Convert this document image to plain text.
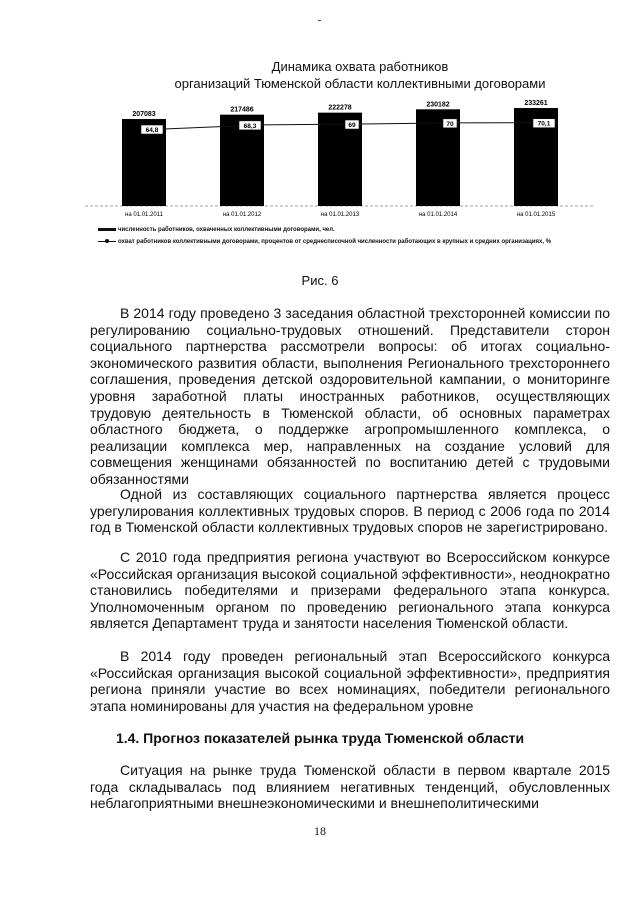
Динамика охвата работников
организаций Тюменской области коллективными договорами
207083
на 01.01.2011
217486
на 01.01.2012
222278
на 01.01.2013
230182
на 01.01.2014
233261
на 01.01.2015
64,8
68,3	69	70	70,1
численность работников, охваченных коллективными договорами, чел.
охват работников коллективными договорами, процентов от среднесписочной численности работающих в крупных и средних организациях, %
Рис. 6
В 2014 году проведено 3 заседания областной трехсторонней комиссии по регулированию социально-трудовых отношений. Представители сторон социального партнерства рассмотрели вопросы: об итогах социально-экономического развития области, выполнения Регионального трехстороннего соглашения, проведения детской оздоровительной кампании, о мониторинге уровня заработной платы иностранных работников, осуществляющих трудовую деятельность в Тюменской области, об основных параметрах областного бюджета, о поддержке агропромышленного комплекса, о реализации комплекса мер, направленных на создание условий для совмещения женщинами обязанностей по воспитанию детей с трудовыми обязанностями
Одной из составляющих социального партнерства является процесс урегулирования коллективных трудовых споров. В период с 2006 года по 2014 год в Тюменской области коллективных трудовых споров не зарегистрировано.
С 2010 года предприятия региона участвуют во Всероссийском конкурсе «Российская организация высокой социальной эффективности», неоднократно становились победителями и призерами федерального этапа конкурса. Уполномоченным органом по проведению регионального этапа конкурса является Департамент труда и занятости населения Тюменской области.
В 2014 году проведен региональный этап Всероссийского конкурса «Российская организация высокой социальной эффективности», предприятия региона приняли участие во всех номинациях, победители регионального этапа номинированы для участия на федеральном уровне
1.4. Прогноз показателей рынка труда Тюменской области
Ситуация на рынке труда Тюменской области в первом квартале 2015 года складывалась под влиянием негативных тенденций, обусловленных неблагоприятными внешнеэкономическими и внешнеполитическими
18
